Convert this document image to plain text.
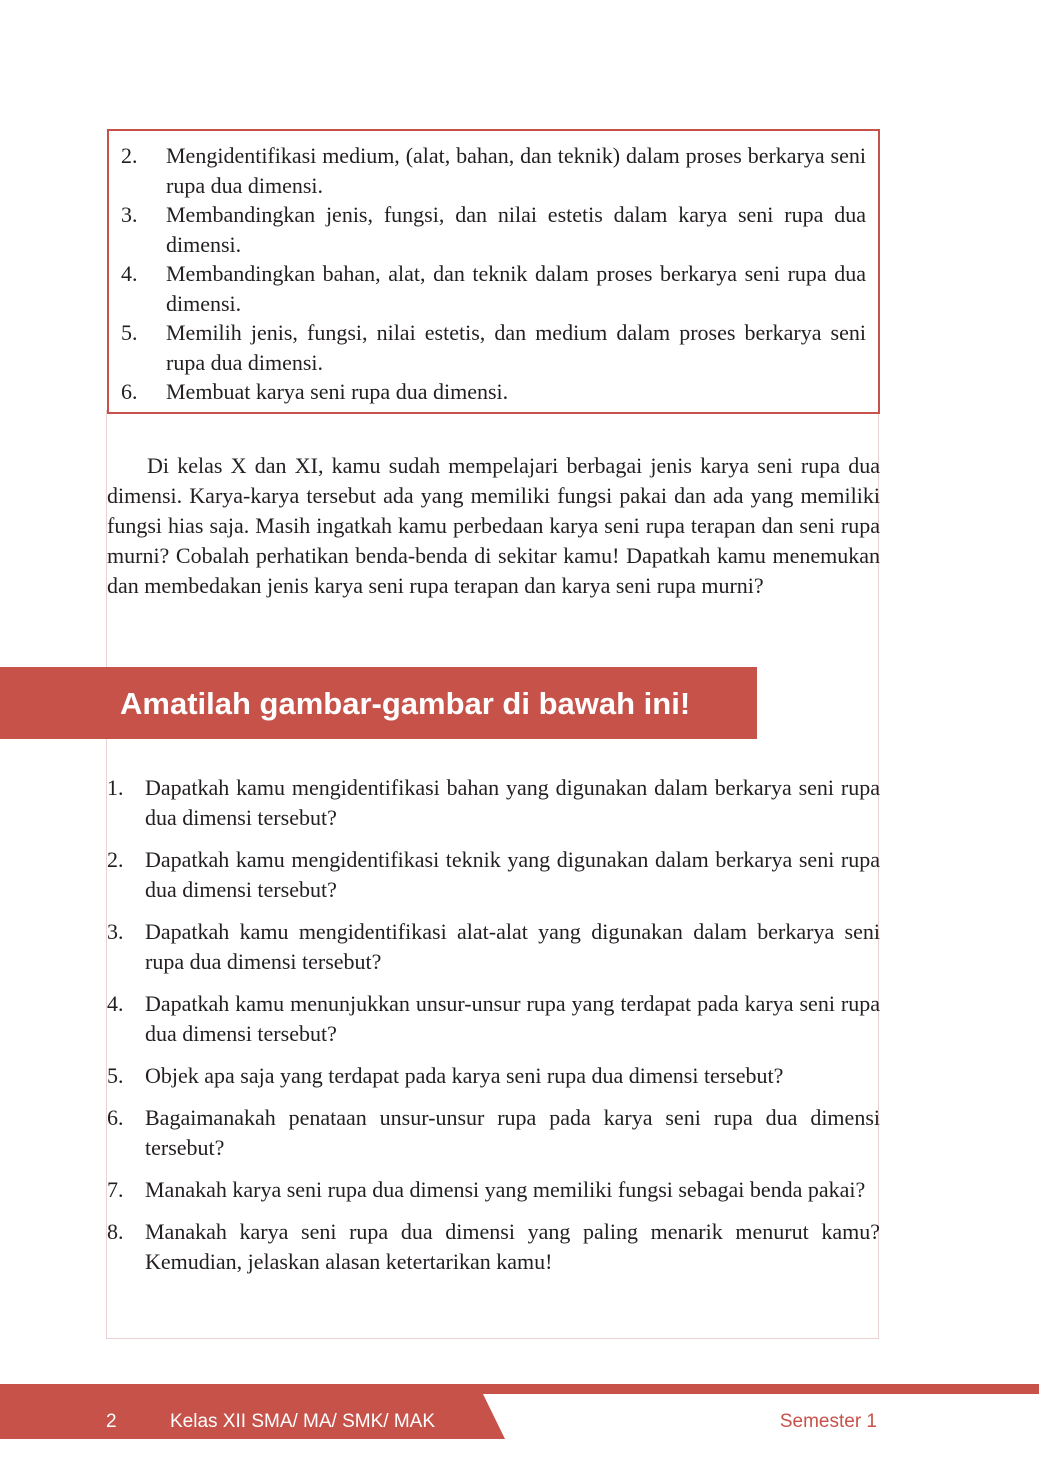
2.	Mengidentifikasi medium, (alat, bahan, dan teknik) dalam proses berkarya seni rupa dua dimensi.
3.	Membandingkan jenis, fungsi, dan nilai estetis dalam karya seni rupa dua dimensi.
4.	Membandingkan bahan, alat, dan teknik dalam proses berkarya seni rupa dua dimensi.
5.	Memilih jenis, fungsi, nilai estetis, dan medium dalam proses berkarya seni rupa dua dimensi.
6.	Membuat karya seni rupa dua dimensi.

Di kelas X dan XI, kamu sudah mempelajari berbagai jenis karya seni rupa dua dimensi. Karya-karya tersebut ada yang memiliki fungsi pakai dan ada yang memiliki fungsi hias saja. Masih ingatkah kamu perbedaan karya seni rupa terapan dan seni rupa murni? Cobalah perhatikan benda-benda di sekitar kamu! Dapatkah kamu menemukan dan membedakan jenis karya seni rupa terapan dan karya seni rupa murni?

Amatilah gambar-gambar di bawah ini!
1. Dapatkah kamu mengidentifikasi bahan yang digunakan dalam berkarya seni rupa dua dimensi tersebut?
2. Dapatkah kamu mengidentifikasi teknik yang digunakan dalam berkarya seni rupa dua dimensi tersebut?
3. Dapatkah kamu mengidentifikasi alat-alat yang digunakan dalam berkarya seni rupa dua dimensi tersebut?
4. Dapatkah kamu menunjukkan unsur-unsur rupa yang terdapat pada karya seni rupa dua dimensi tersebut?
5. Objek apa saja yang terdapat pada karya seni rupa dua dimensi tersebut?
6. Bagaimanakah penataan unsur-unsur rupa pada karya seni rupa dua dimensi tersebut?
7. Manakah karya seni rupa dua dimensi yang memiliki fungsi sebagai benda pakai?
8. Manakah karya seni rupa dua dimensi yang paling menarik menurut kamu? Kemudian, jelaskan alasan ketertarikan kamu!
2	Kelas XII SMA/ MA/ SMK/ MAK	Semester 1
